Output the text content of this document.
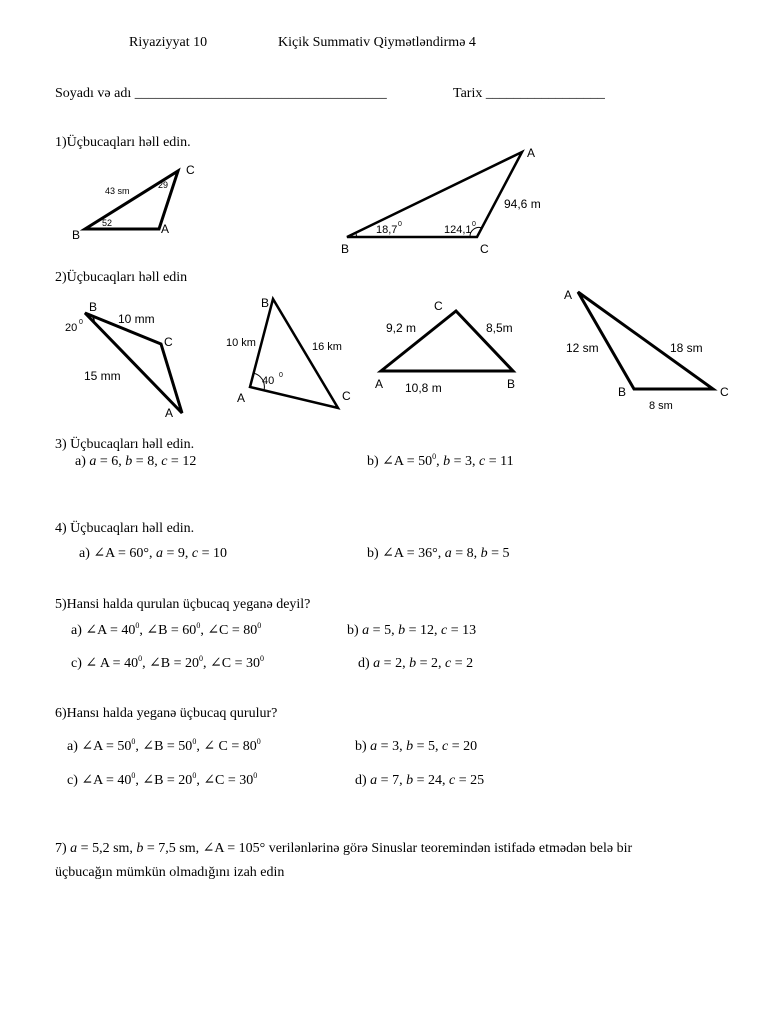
Riyaziyyat 10	Kiçik Summativ Qiymətləndirmə 4
Soyadı və adı ____________________________________	Tarix _________________
1)Üçbucaqları həll edin.
C
B	A
43 sm
29
52
A
B	C
94,6 m
18,7 0	124,1 0
2)Üçbucaqları həll edin
B
C
A
20 0	10 mm
15 mm
B
A	C
10 km	16 km
40 0
C
A	B
9,2 m	8,5m
10,8 m
A
B	C
12 sm	18 sm
8 sm
3) Üçbucaqları həll edin.
a) a = 6, b = 8, c = 12	b) ∠A = $50^0$, b = 3, c = 11
4) Üçbucaqları həll edin.
a) ∠A = 60°, a = 9, c = 10	b) ∠A = 36°, a = 8, b = 5
5)Hansi halda qurulan üçbucaq yeganə deyil?
a) ∠A = $40^0$, ∠B = $60^0$, ∠C = $80^0$	b) a = 5, b = 12, c = 13
c) ∠ $A = 40^0$, ∠B = $20^0$, ∠C = $30^0$	d) a = 2, b = 2, c = 2
6)Hansı halda yeganə üçbucaq qurulur?
a) ∠A = $50^0$, ∠B = $50^0$, ∠ $C = 80^0$	b) a = 3, b = 5, c = 20
c) ∠A = $40^0$, ∠B = $20^0$, ∠C = $30^0$	d) a = 7, b = 24, c = 25
7) a = 5,2 sm, b = 7,5 sm, ∠A = 105° verilənlərinə görə Sinuslar teoremindən istifadə etmədən belə bir
üçbucağın mümkün olmadığını izah edin
